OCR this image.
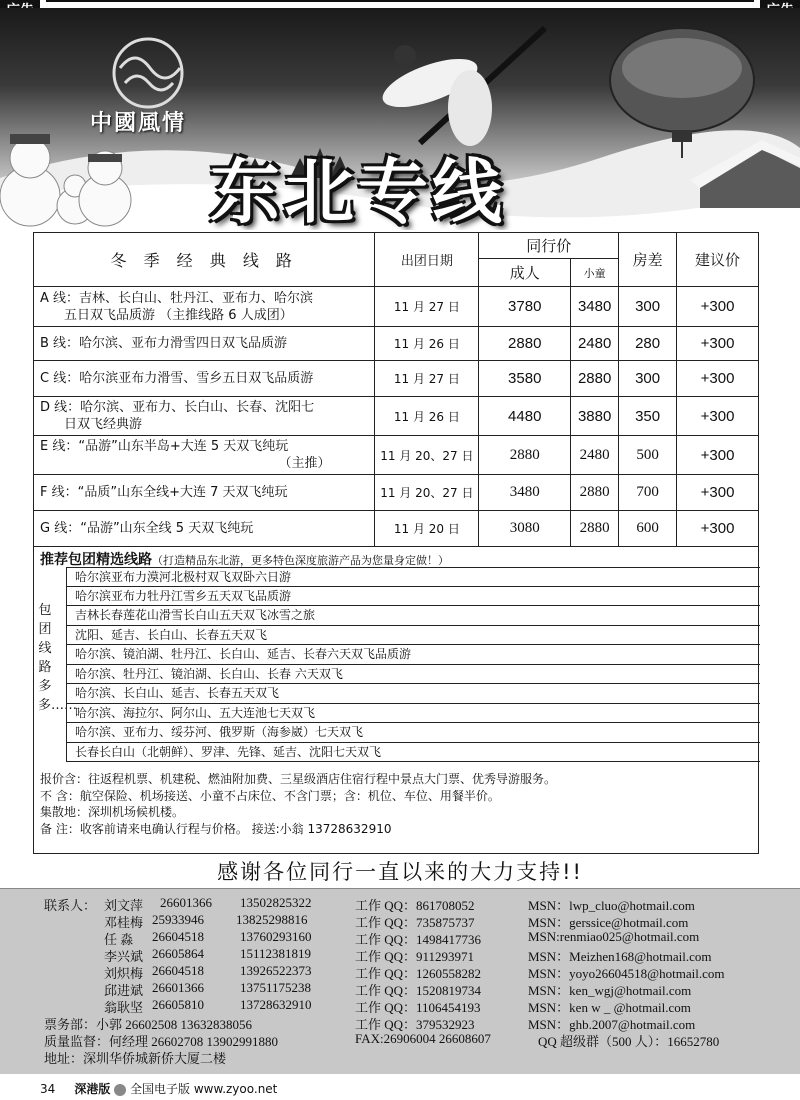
中國風情
东北专线
冬 季 经 典 线 路	出团日期	同行价		房差	建议价
		成人	小童		
A 线：吉林、长白山、牡丹江、亚布力、哈尔滨
五日双飞品质游 （主推线路 6 人成团）	11 月 27 日	3780	3480	300	+300
B 线：哈尔滨、亚布力滑雪四日双飞品质游	11 月 26 日	2880	2480	280	+300
C 线：哈尔滨亚布力滑雪、雪乡五日双飞品质游	11 月 27 日	3580	2880	300	+300
D 线：哈尔滨、亚布力、长白山、长春、沈阳七
日双飞经典游	11 月 26 日	4480	3880	350	+300
E 线：“品游”山东半岛+大连 5 天双飞纯玩
（主推）	11 月 20、27 日	2880	2480	500	+300
F 线：“品质”山东全线+大连 7 天双飞纯玩	11 月 20、27 日	3480	2880	700	+300
G 线：“品游”山东全线 5 天双飞纯玩	11 月 20 日	3080	2880	600	+300
推荐包团精选线路（打造精品东北游，更多特色深度旅游产品为您量身定做！）
包团线路多多……
哈尔滨亚布力漠河北极村双飞双卧六日游
哈尔滨亚布力牡丹江雪乡五天双飞品质游
吉林长春莲花山滑雪长白山五天双飞冰雪之旅
沈阳、延吉、长白山、长春五天双飞
哈尔滨、镜泊湖、牡丹江、长白山、延吉、长春六天双飞品质游
哈尔滨、牡丹江、镜泊湖、长白山、长春 六天双飞
哈尔滨、长白山、延吉、长春五天双飞
哈尔滨、海拉尔、阿尔山、五大连池七天双飞
哈尔滨、亚布力、绥芬河、俄罗斯（海参崴）七天双飞
长春长白山（北朝鲜）、罗津、先锋、延吉、沈阳七天双飞
报价含：往返程机票、机建税、燃油附加费、三星级酒店住宿行程中景点大门票、优秀导游服务。
不 含：航空保险、机场接送、小童不占床位、不含门票；含：机位、车位、用餐半价。
集散地：深圳机场候机楼。
备 注：收客前请来电确认行程与价格。 接送:小翁 13728632910
感谢各位同行一直以来的大力支持!!
联系人： 刘文萍 26601366 13502825322	工作 QQ：861708052	MSN：lwp_cluo@hotmail.com
邓桂梅 25933946 13825298816	工作 QQ：735875737	MSN：gerssice@hotmail.com
任 淼 26604518	13760293160	工作 QQ：1498417736	MSN:renmiao025@hotmail.com
李兴斌 26605864	15112381819	工作 QQ：911293971	MSN：Meizhen168@hotmail.com
刘炽梅 26604518	13926522373	工作 QQ：1260558282	MSN：yoyo26604518@hotmail.com
邱进斌 26601366	13751175238	工作 QQ：1520819734	MSN：ken_wgj@hotmail.com
翁耿坚 26605810	13728632910	工作 QQ：1106454193	MSN：ken w _ @hotmail.com
票务部：小郭 26602508 13632838056	工作 QQ：379532923	MSN：ghb.2007@hotmail.com
质量监督：何经理 26602708 13902991880	FAX:26906004 26608607	QQ 超级群（500 人）：16652780
地址：深圳华侨城新侨大厦二楼
34 深港版 全国电子版 www.zyoo.net
